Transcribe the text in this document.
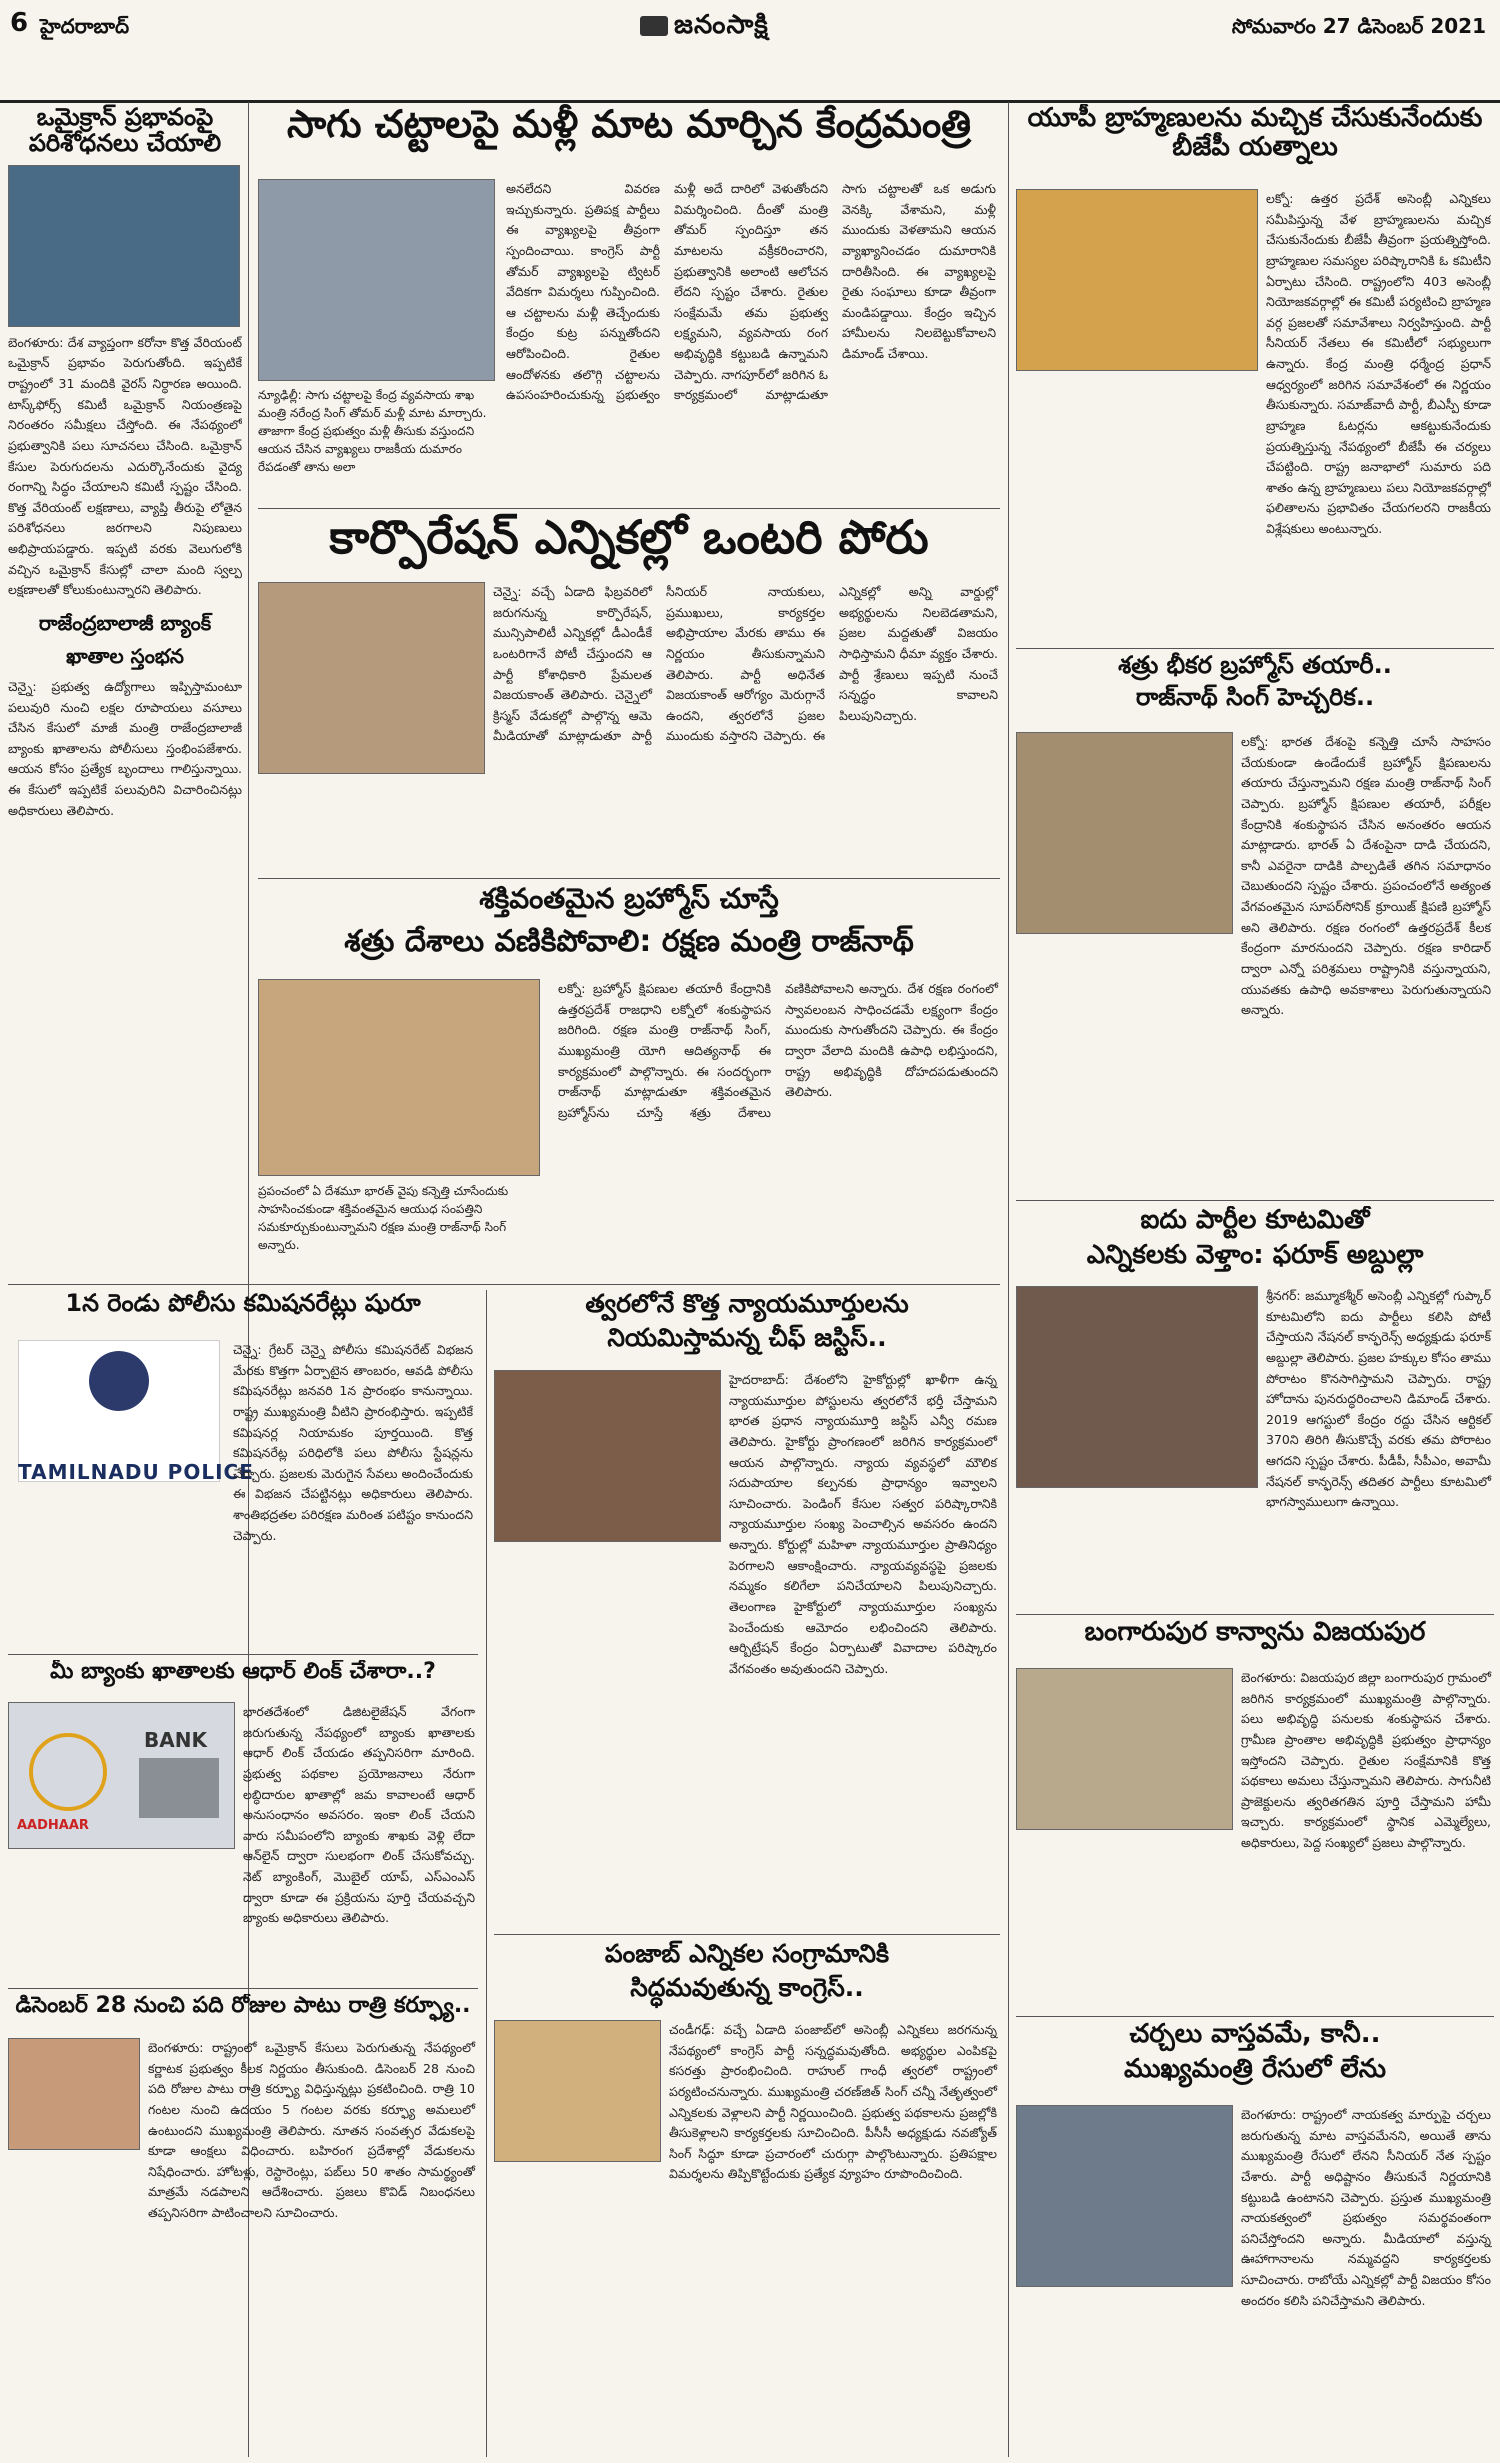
6 హైదరాబాద్	జనంసాక్షి	సోమవారం 27 డిసెంబర్ 2021

ఒమైక్రాన్ ప్రభావంపై పరిశోధనలు చేయాలి

బెంగళూరు: దేశ వ్యాప్తంగా కరోనా కొత్త వేరియంట్ ఒమైక్రాన్ ప్రభావం పెరుగుతోంది. ఇప్పటికే రాష్ట్రంలో 31 మందికి వైరస్ నిర్ధారణ అయింది. టాస్క్‌ఫోర్స్ కమిటీ ఒమైక్రాన్ నియంత్రణపై నిరంతరం సమీక్షలు చేస్తోంది. ఈ నేపథ్యంలో ప్రభుత్వానికి పలు సూచనలు చేసింది. ఒమైక్రాన్ కేసుల పెరుగుదలను ఎదుర్కొనేందుకు వైద్య రంగాన్ని సిద్ధం చేయాలని కమిటీ స్పష్టం చేసింది. కొత్త వేరియంట్ లక్షణాలు, వ్యాప్తి తీరుపై లోతైన పరిశోధనలు జరగాలని నిపుణులు అభిప్రాయపడ్డారు. ఇప్పటి వరకు వెలుగులోకి వచ్చిన ఒమైక్రాన్ కేసుల్లో చాలా మంది స్వల్ప లక్షణాలతో కోలుకుంటున్నారని తెలిపారు.

రాజేంద్రబాలాజీ బ్యాంక్

ఖాతాల స్తంభన

చెన్నై: ప్రభుత్వ ఉద్యోగాలు ఇప్పిస్తామంటూ పలువురి నుంచి లక్షల రూపాయలు వసూలు చేసిన కేసులో మాజీ మంత్రి రాజేంద్రబాలాజీ బ్యాంకు ఖాతాలను పోలీసులు స్తంభింపజేశారు. ఆయన కోసం ప్రత్యేక బృందాలు గాలిస్తున్నాయి. ఈ కేసులో ఇప్పటికే పలువురిని విచారించినట్లు అధికారులు తెలిపారు.

సాగు చట్టాలపై మళ్లీ మాట మార్చిన కేంద్రమంత్రి

న్యూఢిల్లీ: సాగు చట్టాలపై కేంద్ర వ్యవసాయ శాఖ మంత్రి నరేంద్ర సింగ్ తోమర్ మళ్లీ మాట మార్చారు. తాజాగా కేంద్ర ప్రభుత్వం మళ్లీ తీసుకు వస్తుందని ఆయన చేసిన వ్యాఖ్యలు రాజకీయ దుమారం రేపడంతో తాను అలా
అనలేదని వివరణ ఇచ్చుకున్నారు. ప్రతిపక్ష పార్టీలు ఈ వ్యాఖ్యలపై తీవ్రంగా స్పందించాయి. కాంగ్రెస్ పార్టీ తోమర్ వ్యాఖ్యలపై ట్విటర్ వేదికగా విమర్శలు గుప్పించింది. ఆ చట్టాలను మళ్లీ తెచ్చేందుకు కేంద్రం కుట్ర పన్నుతోందని ఆరోపించింది. రైతుల ఆందోళనకు తలొగ్గి చట్టాలను ఉపసంహరించుకున్న ప్రభుత్వం మళ్లీ అదే దారిలో వెళుతోందని విమర్శించింది. దీంతో మంత్రి తోమర్ స్పందిస్తూ తన మాటలను వక్రీకరించారని, ప్రభుత్వానికి అలాంటి ఆలోచన లేదని స్పష్టం చేశారు. రైతుల సంక్షేమమే తమ ప్రభుత్వ లక్ష్యమని, వ్యవసాయ రంగ అభివృద్ధికి కట్టుబడి ఉన్నామని చెప్పారు. నాగపూర్‌లో జరిగిన ఓ కార్యక్రమంలో మాట్లాడుతూ సాగు చట్టాలతో ఒక అడుగు వెనక్కి వేశామని, మళ్లీ ముందుకు వెళతామని ఆయన వ్యాఖ్యానించడం దుమారానికి దారితీసింది. ఈ వ్యాఖ్యలపై రైతు సంఘాలు కూడా తీవ్రంగా మండిపడ్డాయి. కేంద్రం ఇచ్చిన హామీలను నిలబెట్టుకోవాలని డిమాండ్ చేశాయి.

కార్పొరేషన్ ఎన్నికల్లో ఒంటరి పోరు

చెన్నై: వచ్చే ఏడాది ఫిబ్రవరిలో జరుగనున్న కార్పొరేషన్, మున్సిపాలిటీ ఎన్నికల్లో డీఎండీకే ఒంటరిగానే పోటీ చేస్తుందని ఆ పార్టీ కోశాధికారి ప్రేమలత విజయకాంత్ తెలిపారు. చెన్నైలో క్రిస్మస్ వేడుకల్లో పాల్గొన్న ఆమె మీడియాతో మాట్లాడుతూ పార్టీ సీనియర్ నాయకులు, ప్రముఖులు, కార్యకర్తల అభిప్రాయాల మేరకు తాము ఈ నిర్ణయం తీసుకున్నామని తెలిపారు. పార్టీ అధినేత విజయకాంత్ ఆరోగ్యం మెరుగ్గానే ఉందని, త్వరలోనే ప్రజల ముందుకు వస్తారని చెప్పారు. ఈ ఎన్నికల్లో అన్ని వార్డుల్లో అభ్యర్థులను నిలబెడతామని, ప్రజల మద్దతుతో విజయం సాధిస్తామని ధీమా వ్యక్తం చేశారు. పార్టీ శ్రేణులు ఇప్పటి నుంచే సన్నద్ధం కావాలని పిలుపునిచ్చారు.

శక్తివంతమైన బ్రహ్మోస్ చూస్తే

శత్రు దేశాలు వణికిపోవాలి: రక్షణ మంత్రి రాజ్‌నాథ్

ప్రపంచంలో ఏ దేశమూ భారత్ వైపు కన్నెత్తి చూసేందుకు సాహసించకుండా శక్తివంతమైన ఆయుధ సంపత్తిని సమకూర్చుకుంటున్నామని రక్షణ మంత్రి రాజ్‌నాథ్ సింగ్ అన్నారు.
లక్నో: బ్రహ్మోస్ క్షిపణుల తయారీ కేంద్రానికి ఉత్తరప్రదేశ్ రాజధాని లక్నోలో శంకుస్థాపన జరిగింది. రక్షణ మంత్రి రాజ్‌నాథ్ సింగ్, ముఖ్యమంత్రి యోగి ఆదిత్యనాథ్ ఈ కార్యక్రమంలో పాల్గొన్నారు. ఈ సందర్భంగా రాజ్‌నాథ్ మాట్లాడుతూ శక్తివంతమైన బ్రహ్మోస్‌ను చూస్తే శత్రు దేశాలు వణికిపోవాలని అన్నారు. దేశ రక్షణ రంగంలో స్వావలంబన సాధించడమే లక్ష్యంగా కేంద్రం ముందుకు సాగుతోందని చెప్పారు. ఈ కేంద్రం ద్వారా వేలాది మందికి ఉపాధి లభిస్తుందని, రాష్ట్ర అభివృద్ధికి దోహదపడుతుందని తెలిపారు.

యూపీ బ్రాహ్మణులను మచ్చిక చేసుకునేందుకు బీజేపీ యత్నాలు

లక్నో: ఉత్తర ప్రదేశ్ అసెంబ్లీ ఎన్నికలు సమీపిస్తున్న వేళ బ్రాహ్మణులను మచ్చిక చేసుకునేందుకు బీజేపీ తీవ్రంగా ప్రయత్నిస్తోంది. బ్రాహ్మణుల సమస్యల పరిష్కారానికి ఓ కమిటీని ఏర్పాటు చేసింది. రాష్ట్రంలోని 403 అసెంబ్లీ నియోజకవర్గాల్లో ఈ కమిటీ పర్యటించి బ్రాహ్మణ వర్గ ప్రజలతో సమావేశాలు నిర్వహిస్తుంది. పార్టీ సీనియర్ నేతలు ఈ కమిటీలో సభ్యులుగా ఉన్నారు. కేంద్ర మంత్రి ధర్మేంద్ర ప్రధాన్ ఆధ్వర్యంలో జరిగిన సమావేశంలో ఈ నిర్ణయం తీసుకున్నారు. సమాజ్‌వాదీ పార్టీ, బీఎస్పీ కూడా బ్రాహ్మణ ఓటర్లను ఆకట్టుకునేందుకు ప్రయత్నిస్తున్న నేపథ్యంలో బీజేపీ ఈ చర్యలు చేపట్టింది. రాష్ట్ర జనాభాలో సుమారు పది శాతం ఉన్న బ్రాహ్మణులు పలు నియోజకవర్గాల్లో ఫలితాలను ప్రభావితం చేయగలరని రాజకీయ విశ్లేషకులు అంటున్నారు.

శత్రు భీకర బ్రహ్మోస్ తయారీ..

రాజ్‌నాథ్ సింగ్ హెచ్చరిక..

లక్నో: భారత దేశంపై కన్నెత్తి చూసే సాహసం చేయకుండా ఉండేందుకే బ్రహ్మోస్ క్షిపణులను తయారు చేస్తున్నామని రక్షణ మంత్రి రాజ్‌నాథ్ సింగ్ చెప్పారు. బ్రహ్మోస్ క్షిపణుల తయారీ, పరీక్షల కేంద్రానికి శంకుస్థాపన చేసిన అనంతరం ఆయన మాట్లాడారు. భారత్ ఏ దేశంపైనా దాడి చేయదని, కానీ ఎవరైనా దాడికి పాల్పడితే తగిన సమాధానం చెబుతుందని స్పష్టం చేశారు. ప్రపంచంలోనే అత్యంత వేగవంతమైన సూపర్‌సోనిక్ క్రూయిజ్ క్షిపణి బ్రహ్మోస్ అని తెలిపారు. రక్షణ రంగంలో ఉత్తరప్రదేశ్ కీలక కేంద్రంగా మారనుందని చెప్పారు. రక్షణ కారిడార్ ద్వారా ఎన్నో పరిశ్రమలు రాష్ట్రానికి వస్తున్నాయని, యువతకు ఉపాధి అవకాశాలు పెరుగుతున్నాయని అన్నారు.

ఐదు పార్టీల కూటమితో

ఎన్నికలకు వెళ్తాం: ఫరూక్ అబ్దుల్లా

శ్రీనగర్: జమ్మూకశ్మీర్ అసెంబ్లీ ఎన్నికల్లో గుప్కార్ కూటమిలోని ఐదు పార్టీలు కలిసి పోటీ చేస్తాయని నేషనల్ కాన్ఫరెన్స్ అధ్యక్షుడు ఫరూక్ అబ్దుల్లా తెలిపారు. ప్రజల హక్కుల కోసం తాము పోరాటం కొనసాగిస్తామని చెప్పారు. రాష్ట్ర హోదాను పునరుద్ధరించాలని డిమాండ్ చేశారు. 2019 ఆగస్టులో కేంద్రం రద్దు చేసిన ఆర్టికల్ 370ని తిరిగి తీసుకొచ్చే వరకు తమ పోరాటం ఆగదని స్పష్టం చేశారు. పీడీపీ, సీపీఎం, అవామీ నేషనల్ కాన్ఫరెన్స్ తదితర పార్టీలు కూటమిలో భాగస్వాములుగా ఉన్నాయి.

బంగారుపుర కాన్వాను విజయపుర

బెంగళూరు: విజయపుర జిల్లా బంగారుపుర గ్రామంలో జరిగిన కార్యక్రమంలో ముఖ్యమంత్రి పాల్గొన్నారు. పలు అభివృద్ధి పనులకు శంకుస్థాపన చేశారు. గ్రామీణ ప్రాంతాల అభివృద్ధికి ప్రభుత్వం ప్రాధాన్యం ఇస్తోందని చెప్పారు. రైతుల సంక్షేమానికి కొత్త పథకాలు అమలు చేస్తున్నామని తెలిపారు. సాగునీటి ప్రాజెక్టులను త్వరితగతిన పూర్తి చేస్తామని హామీ ఇచ్చారు. కార్యక్రమంలో స్థానిక ఎమ్మెల్యేలు, అధికారులు, పెద్ద సంఖ్యలో ప్రజలు పాల్గొన్నారు.

చర్చలు వాస్తవమే, కానీ..

ముఖ్యమంత్రి రేసులో లేను

బెంగళూరు: రాష్ట్రంలో నాయకత్వ మార్పుపై చర్చలు జరుగుతున్న మాట వాస్తవమేనని, అయితే తాను ముఖ్యమంత్రి రేసులో లేనని సీనియర్ నేత స్పష్టం చేశారు. పార్టీ అధిష్టానం తీసుకునే నిర్ణయానికి కట్టుబడి ఉంటానని చెప్పారు. ప్రస్తుత ముఖ్యమంత్రి నాయకత్వంలో ప్రభుత్వం సమర్థవంతంగా పనిచేస్తోందని అన్నారు. మీడియాలో వస్తున్న ఊహాగానాలను నమ్మవద్దని కార్యకర్తలకు సూచించారు. రాబోయే ఎన్నికల్లో పార్టీ విజయం కోసం అందరం కలిసి పనిచేస్తామని తెలిపారు.

1న రెండు పోలీసు కమిషనరేట్లు షురూ

TAMILNADU POLICE
చెన్నై: గ్రేటర్ చెన్నై పోలీసు కమిషనరేట్ విభజన మేరకు కొత్తగా ఏర్పాటైన తాంబరం, ఆవడి పోలీసు కమిషనరేట్లు జనవరి 1న ప్రారంభం కానున్నాయి. రాష్ట్ర ముఖ్యమంత్రి వీటిని ప్రారంభిస్తారు. ఇప్పటికే కమిషనర్ల నియామకం పూర్తయింది. కొత్త కమిషనరేట్ల పరిధిలోకి పలు పోలీసు స్టేషన్లను చేర్చారు. ప్రజలకు మెరుగైన సేవలు అందించేందుకు ఈ విభజన చేపట్టినట్లు అధికారులు తెలిపారు. శాంతిభద్రతల పరిరక్షణ మరింత పటిష్టం కానుందని చెప్పారు.

మీ బ్యాంకు ఖాతాలకు ఆధార్ లింక్ చేశారా..?

BANK
AADHAAR
భారతదేశంలో డిజిటలైజేషన్ వేగంగా జరుగుతున్న నేపథ్యంలో బ్యాంకు ఖాతాలకు ఆధార్ లింక్ చేయడం తప్పనిసరిగా మారింది. ప్రభుత్వ పథకాల ప్రయోజనాలు నేరుగా లబ్ధిదారుల ఖాతాల్లో జమ కావాలంటే ఆధార్ అనుసంధానం అవసరం. ఇంకా లింక్ చేయని వారు సమీపంలోని బ్యాంకు శాఖకు వెళ్లి లేదా ఆన్‌లైన్ ద్వారా సులభంగా లింక్ చేసుకోవచ్చు. నెట్ బ్యాంకింగ్, మొబైల్ యాప్, ఎస్ఎంఎస్ ద్వారా కూడా ఈ ప్రక్రియను పూర్తి చేయవచ్చని బ్యాంకు అధికారులు తెలిపారు.

డిసెంబర్ 28 నుంచి పది రోజుల పాటు రాత్రి కర్ఫ్యూ..

బెంగళూరు: రాష్ట్రంలో ఒమైక్రాన్ కేసులు పెరుగుతున్న నేపథ్యంలో కర్ణాటక ప్రభుత్వం కీలక నిర్ణయం తీసుకుంది. డిసెంబర్ 28 నుంచి పది రోజుల పాటు రాత్రి కర్ఫ్యూ విధిస్తున్నట్లు ప్రకటించింది. రాత్రి 10 గంటల నుంచి ఉదయం 5 గంటల వరకు కర్ఫ్యూ అమలులో ఉంటుందని ముఖ్యమంత్రి తెలిపారు. నూతన సంవత్సర వేడుకలపై కూడా ఆంక్షలు విధించారు. బహిరంగ ప్రదేశాల్లో వేడుకలను నిషేధించారు. హోటళ్లు, రెస్టారెంట్లు, పబ్‌లు 50 శాతం సామర్థ్యంతో మాత్రమే నడపాలని ఆదేశించారు. ప్రజలు కొవిడ్ నిబంధనలు తప్పనిసరిగా పాటించాలని సూచించారు.

త్వరలోనే కొత్త న్యాయమూర్తులను

నియమిస్తామన్న చీఫ్ జస్టిస్..

హైదరాబాద్: దేశంలోని హైకోర్టుల్లో ఖాళీగా ఉన్న న్యాయమూర్తుల పోస్టులను త్వరలోనే భర్తీ చేస్తామని భారత ప్రధాన న్యాయమూర్తి జస్టిస్ ఎన్వీ రమణ తెలిపారు. హైకోర్టు ప్రాంగణంలో జరిగిన కార్యక్రమంలో ఆయన పాల్గొన్నారు. న్యాయ వ్యవస్థలో మౌలిక సదుపాయాల కల్పనకు ప్రాధాన్యం ఇవ్వాలని సూచించారు. పెండింగ్ కేసుల సత్వర పరిష్కారానికి న్యాయమూర్తుల సంఖ్య పెంచాల్సిన అవసరం ఉందని అన్నారు. కోర్టుల్లో మహిళా న్యాయమూర్తుల ప్రాతినిధ్యం పెరగాలని ఆకాంక్షించారు. న్యాయవ్యవస్థపై ప్రజలకు నమ్మకం కలిగేలా పనిచేయాలని పిలుపునిచ్చారు. తెలంగాణ హైకోర్టులో న్యాయమూర్తుల సంఖ్యను పెంచేందుకు ఆమోదం లభించిందని తెలిపారు. ఆర్బిట్రేషన్ కేంద్రం ఏర్పాటుతో వివాదాల పరిష్కారం వేగవంతం అవుతుందని చెప్పారు.

పంజాబ్ ఎన్నికల సంగ్రామానికి

సిద్ధమవుతున్న కాంగ్రెస్..

చండీగఢ్: వచ్చే ఏడాది పంజాబ్‌లో అసెంబ్లీ ఎన్నికలు జరగనున్న నేపథ్యంలో కాంగ్రెస్ పార్టీ సన్నద్ధమవుతోంది. అభ్యర్థుల ఎంపికపై కసరత్తు ప్రారంభించింది. రాహుల్ గాంధీ త్వరలో రాష్ట్రంలో పర్యటించనున్నారు. ముఖ్యమంత్రి చరణ్‌జిత్ సింగ్ చన్నీ నేతృత్వంలో ఎన్నికలకు వెళ్లాలని పార్టీ నిర్ణయించింది. ప్రభుత్వ పథకాలను ప్రజల్లోకి తీసుకెళ్లాలని కార్యకర్తలకు సూచించింది. పీసీసీ అధ్యక్షుడు నవజ్యోత్ సింగ్ సిద్ధూ కూడా ప్రచారంలో చురుగ్గా పాల్గొంటున్నారు. ప్రతిపక్షాల విమర్శలను తిప్పికొట్టేందుకు ప్రత్యేక వ్యూహం రూపొందించింది.
